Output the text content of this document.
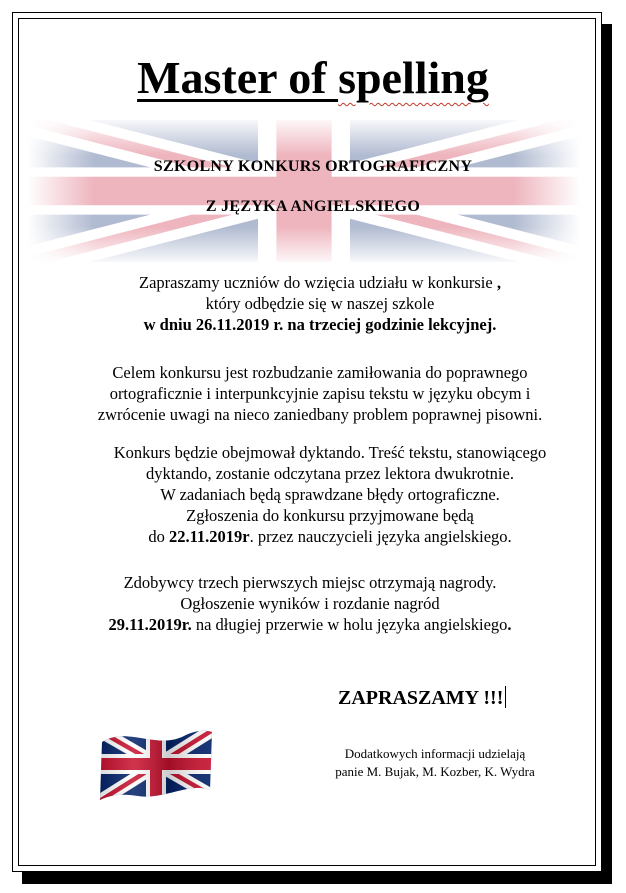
Master of spelling
SZKOLNY KONKURS ORTOGRAFICZNY
Z JĘZYKA ANGIELSKIEGO
Zapraszamy uczniów do wzięcia udziału w konkursie ,
który odbędzie się w naszej szkole
w dniu 26.11.2019 r. na trzeciej godzinie lekcyjnej.
Celem konkursu jest rozbudzanie zamiłowania do poprawnego
ortograficznie i interpunkcyjnie zapisu tekstu w języku obcym i
zwrócenie uwagi na nieco zaniedbany problem poprawnej pisowni.
Konkurs będzie obejmował dyktando. Treść tekstu, stanowiącego
dyktando, zostanie odczytana przez lektora dwukrotnie.
W zadaniach będą sprawdzane błędy ortograficzne.
Zgłoszenia do konkursu przyjmowane będą
do 22.11.2019r. przez nauczycieli języka angielskiego.
Zdobywcy trzech pierwszych miejsc otrzymają nagrody.
Ogłoszenie wyników i rozdanie nagród
29.11.2019r. na długiej przerwie w holu języka angielskiego.
ZAPRASZAMY !!!
Dodatkowych informacji udzielają
panie M. Bujak, M. Kozber, K. Wydra
